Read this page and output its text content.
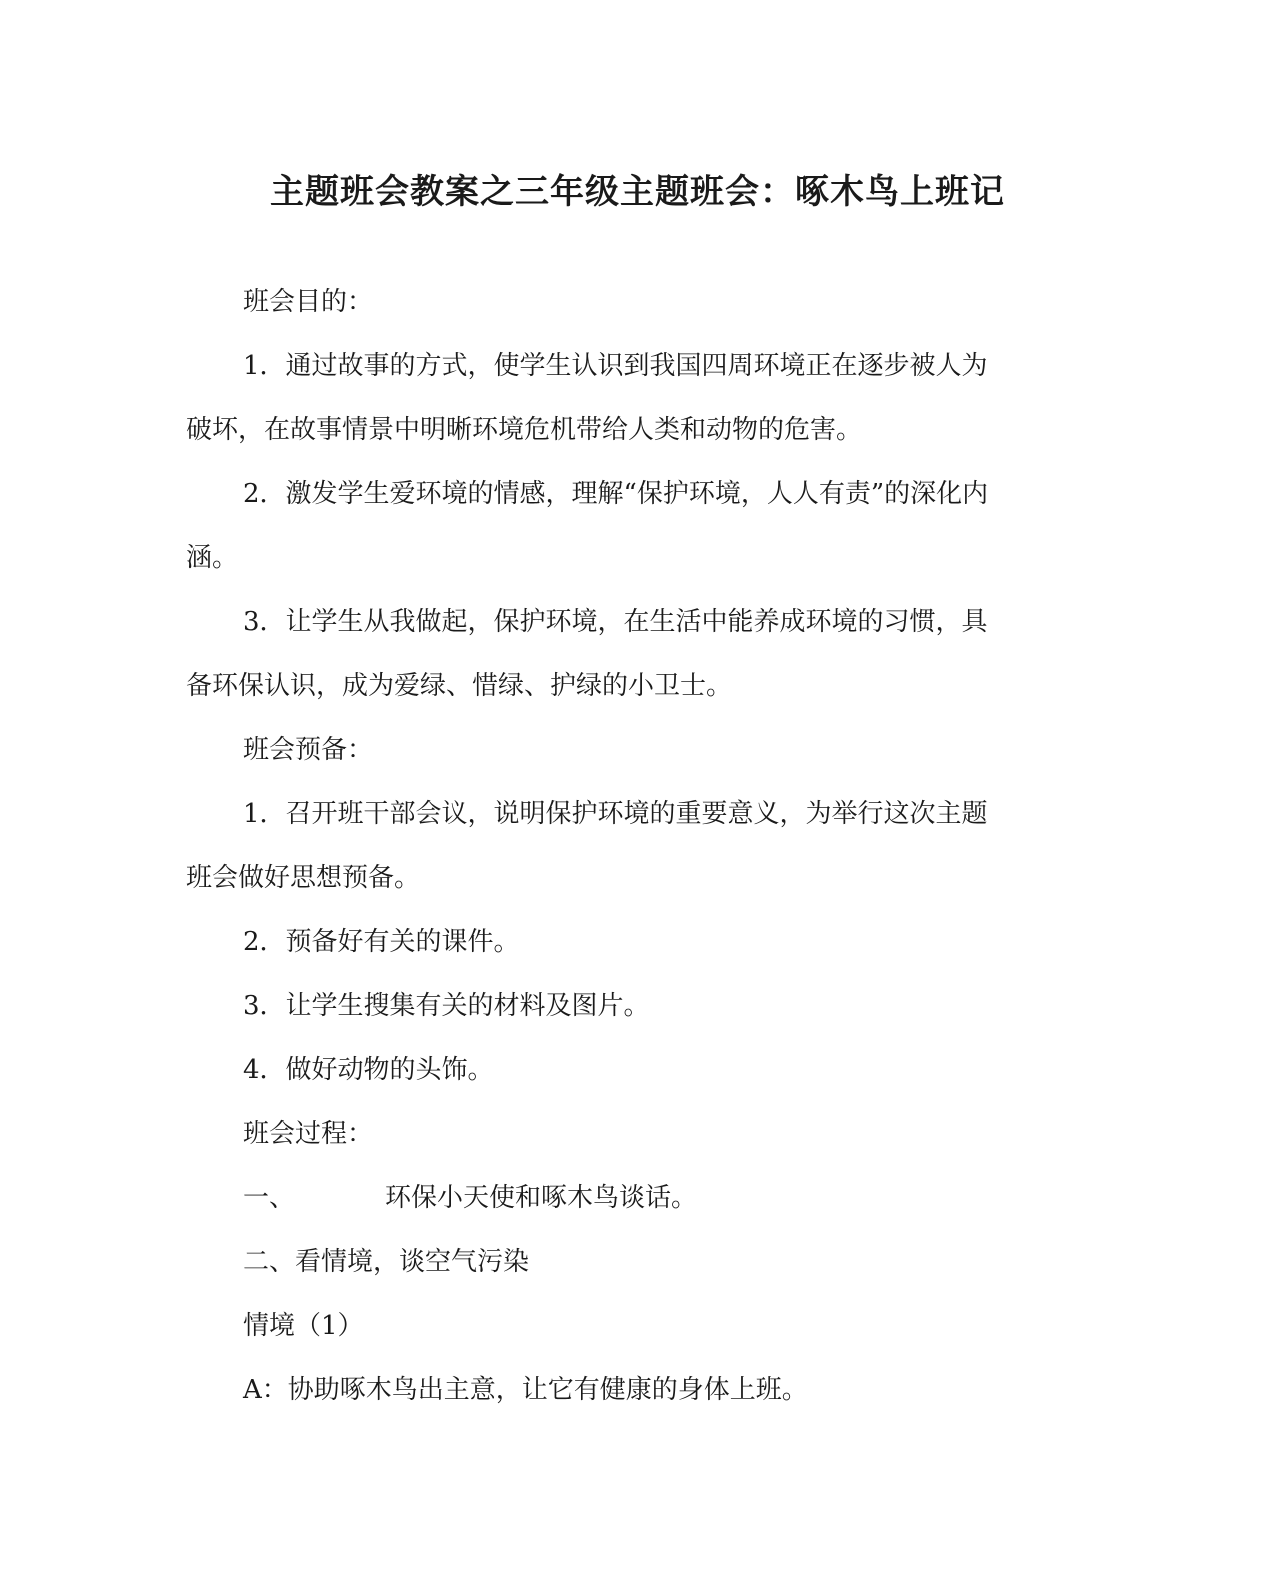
主题班会教案之三年级主题班会：啄木鸟上班记

班会目的：

1．通过故事的方式，使学生认识到我国四周环境正在逐步被人为

破坏，在故事情景中明晰环境危机带给人类和动物的危害。

2．激发学生爱环境的情感，理解“保护环境，人人有责”的深化内

涵。

3．让学生从我做起，保护环境，在生活中能养成环境的习惯，具

备环保认识，成为爱绿、惜绿、护绿的小卫士。

班会预备：

1．召开班干部会议，说明保护环境的重要意义，为举行这次主题

班会做好思想预备。

2．预备好有关的课件。

3．让学生搜集有关的材料及图片。

4．做好动物的头饰。

班会过程：

一、	环保小天使和啄木鸟谈话。

二、看情境，谈空气污染

情境（1）

A：协助啄木鸟出主意，让它有健康的身体上班。
